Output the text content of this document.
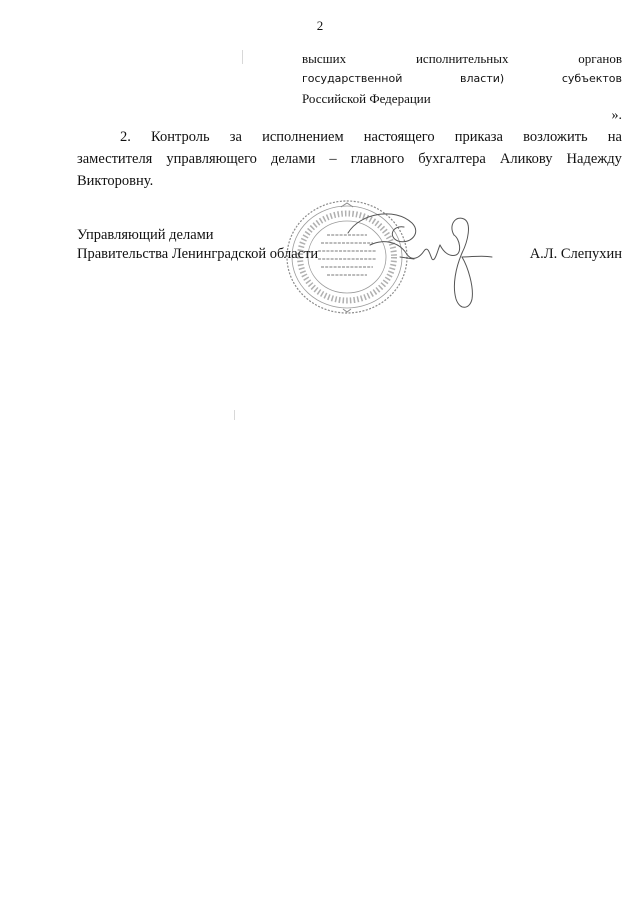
2
высших	исполнительных	органов
государственной	власти)	субъектов
Российской Федерации
».
2. Контроль за исполнением настоящего приказа возложить на
заместителя управляющего делами – главного бухгалтера Аликову Надежду
Викторовну.
Управляющий делами
Правительства Ленинградской области	А.Л. Слепухин
